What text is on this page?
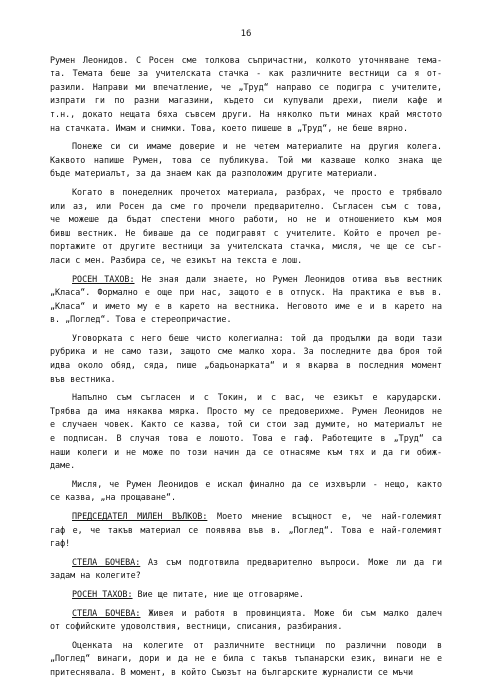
16
Румен Леонидов. С Росен сме толкова съпричастни, колкото уточняване тема-
та. Темата беше за учителската стачка - как различните вестници са я от-
разили. Направи ми впечатление, че „Труд“ направо се подигра с учителите,
изпрати ги по разни магазини, където си купували дрехи, пиели кафе и
т.н., докато нещата бяха съвсем други. На няколко пъти минах край мястото
на стачката. Имам и снимки. Това, което пишеше в „Труд“, не беше вярно.
Понеже си си имаме доверие и не четем материалите на другия колега.
Каквото напише Румен, това се публикува. Той ми казваше колко знака ще
бъде материалът, за да знаем как да разположим другите материали.
Когато в понеделник прочетох материала, разбрах, че просто е трябвало
или аз, или Росен да сме го прочели предварително. Съгласен съм с това,
че можеше да бъдат спестени много работи, но не и отношението към моя
бивш вестник. Не биваше да се подигравят с учителите. Който е прочел ре-
портажите от другите вестници за учителската стачка, мисля, че ще се съг-
ласи с мен. Разбира се, че езикът на текста е лош.
РОСЕН ТАХОВ: Не зная дали знаете, но Румен Леонидов отива във вестник
„Класа“. Формално е още при нас, защото е в отпуск. На практика е във в.
„Класа“ и името му е в карето на вестника. Неговото име е и в карето на
в. „Поглед“. Това е стереопричастие.
Уговорката с него беше чисто колегиална: той да продължи да води тази
рубрика и не само тази, защото сме малко хора. За последните два броя той
идва около обяд, сяда, пише „бадьонарката“ и я вкарва в последния момент
във вестника.
Напълно съм съгласен и с Токин, и с вас, че езикът е карударски.
Трябва да има някаква мярка. Просто му се предоверихме. Румен Леонидов не
е случаен човек. Както се казва, той си стои зад думите, но материалът не
е подписан. В случая това е лошото. Това е гаф. Работещите в „Труд“ са
наши колеги и не може по този начин да се отнасяме към тях и да ги обиж-
даме.
Мисля, че Румен Леонидов е искал финално да се изхвърли - нещо, както
се казва, „на прощаване“.
ПРЕДСЕДАТЕЛ МИЛЕН ВЪЛКОВ: Моето мнение всъщност е, че най-големият
гаф е, че такъв материал се появява във в. „Поглед“. Това е най-големият
гаф!
СТЕЛА БОЧЕВА: Аз съм подготвила предварително въпроси. Може ли да ги
задам на колегите?
РОСЕН ТАХОВ: Вие ще питате, ние ще отговаряме.
СТЕЛА БОЧЕВА: Живея и работя в провинцията. Може би съм малко далеч
от софийските удоволствия, вестници, списания, разбирания.
Оценката на колегите от различните вестници по различни поводи в
„Поглед“ винаги, дори и да не е била с такъв тъпанарски език, винаги не е
притеснявала. В момент, в който Съюзът на българските журналисти се мъчи
